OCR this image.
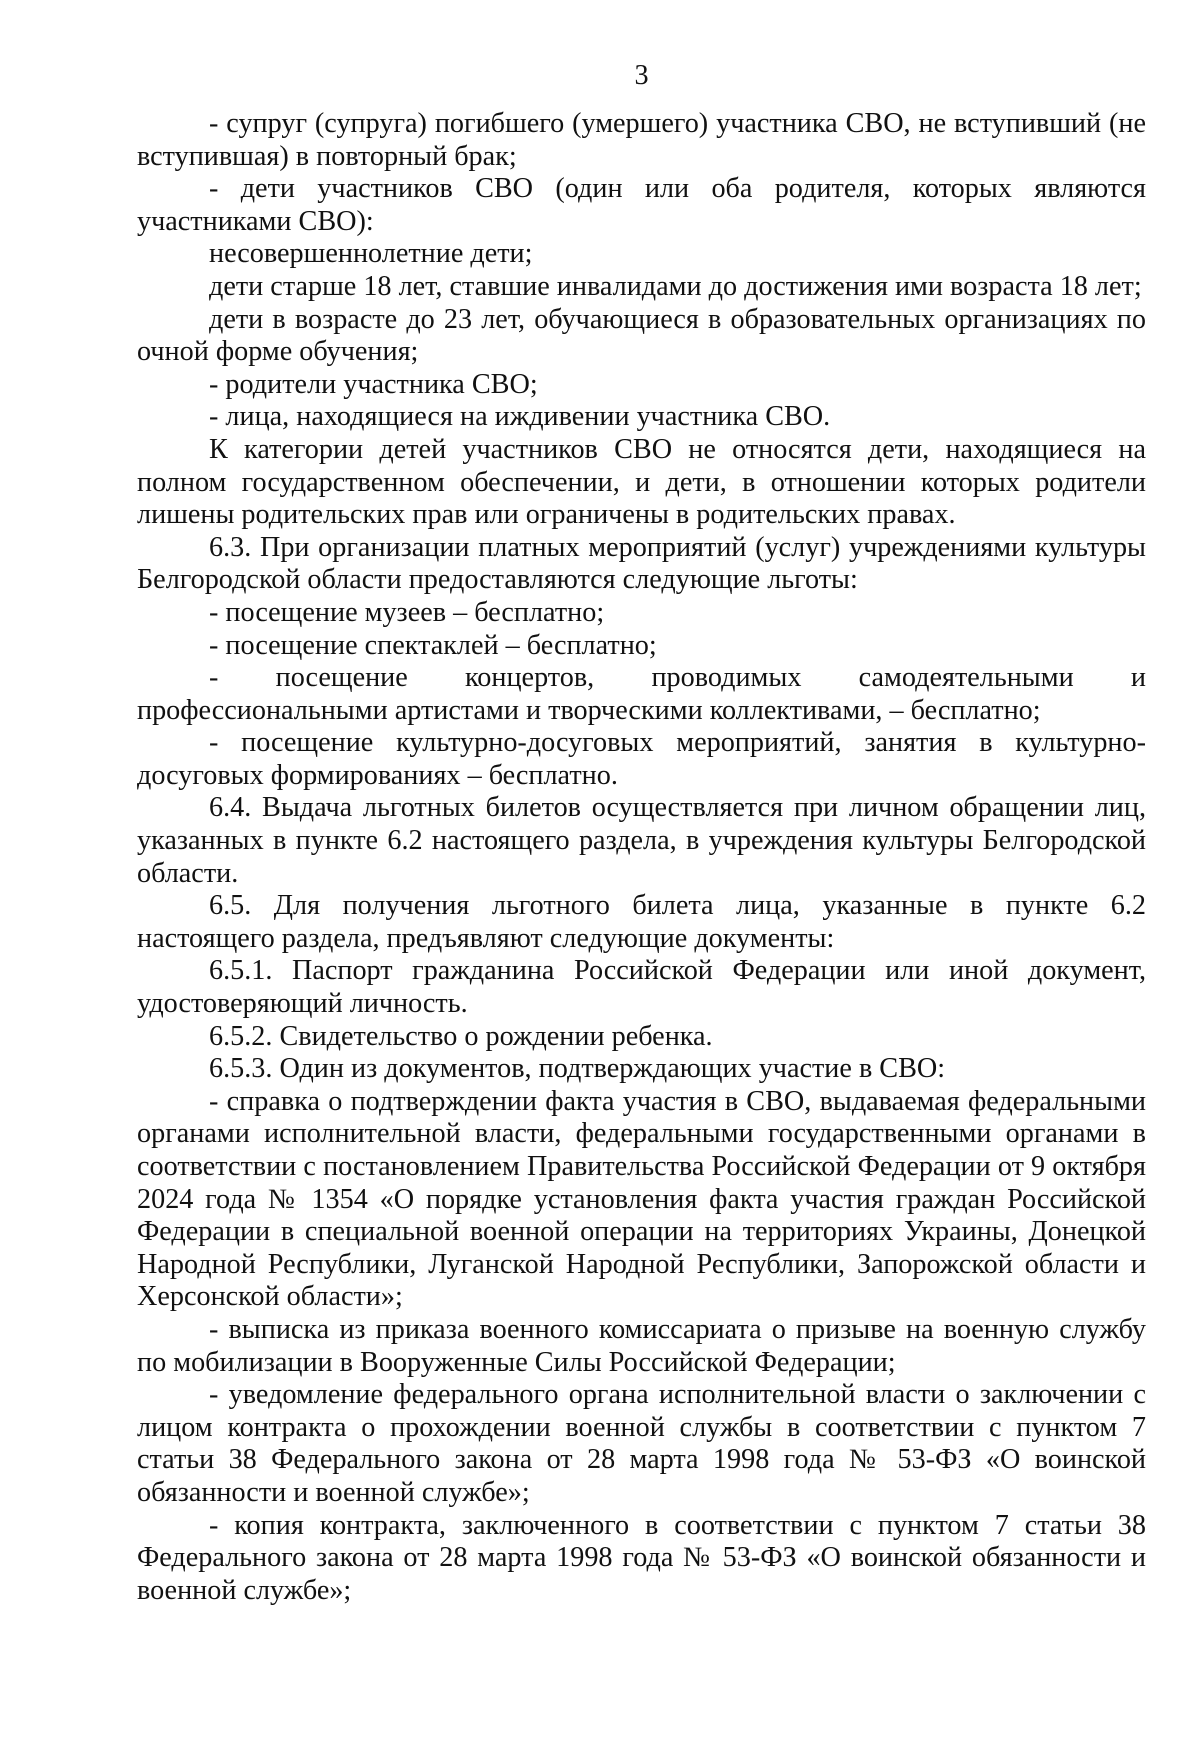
3

- супруг (супруга) погибшего (умершего) участника СВО, не вступивший (не вступившая) в повторный брак;

- дети участников СВО (один или оба родителя, которых являются участниками СВО):

несовершеннолетние дети;

дети старше 18 лет, ставшие инвалидами до достижения ими возраста 18 лет;

дети в возрасте до 23 лет, обучающиеся в образовательных организациях по очной форме обучения;

- родители участника СВО;

- лица, находящиеся на иждивении участника СВО.

К категории детей участников СВО не относятся дети, находящиеся на полном государственном обеспечении, и дети, в отношении которых родители лишены родительских прав или ограничены в родительских правах.

6.3. При организации платных мероприятий (услуг) учреждениями культуры Белгородской области предоставляются следующие льготы:

- посещение музеев – бесплатно;

- посещение спектаклей – бесплатно;

- посещение концертов, проводимых самодеятельными и профессиональными артистами и творческими коллективами, – бесплатно;

- посещение культурно-досуговых мероприятий, занятия в культурно-досуговых формированиях – бесплатно.

6.4. Выдача льготных билетов осуществляется при личном обращении лиц, указанных в пункте 6.2 настоящего раздела, в учреждения культуры Белгородской области.

6.5. Для получения льготного билета лица, указанные в пункте 6.2 настоящего раздела, предъявляют следующие документы:

6.5.1. Паспорт гражданина Российской Федерации или иной документ, удостоверяющий личность.

6.5.2. Свидетельство о рождении ребенка.

6.5.3. Один из документов, подтверждающих участие в СВО:

- справка о подтверждении факта участия в СВО, выдаваемая федеральными органами исполнительной власти, федеральными государственными органами в соответствии с постановлением Правительства Российской Федерации от 9 октября 2024 года № 1354 «О порядке установления факта участия граждан Российской Федерации в специальной военной операции на территориях Украины, Донецкой Народной Республики, Луганской Народной Республики, Запорожской области и Херсонской области»;

- выписка из приказа военного комиссариата о призыве на военную службу по мобилизации в Вооруженные Силы Российской Федерации;

- уведомление федерального органа исполнительной власти о заключении с лицом контракта о прохождении военной службы в соответствии с пунктом 7 статьи 38 Федерального закона от 28 марта 1998 года № 53-ФЗ «О воинской обязанности и военной службе»;

- копия контракта, заключенного в соответствии с пунктом 7 статьи 38 Федерального закона от 28 марта 1998 года № 53-ФЗ «О воинской обязанности и военной службе»;
